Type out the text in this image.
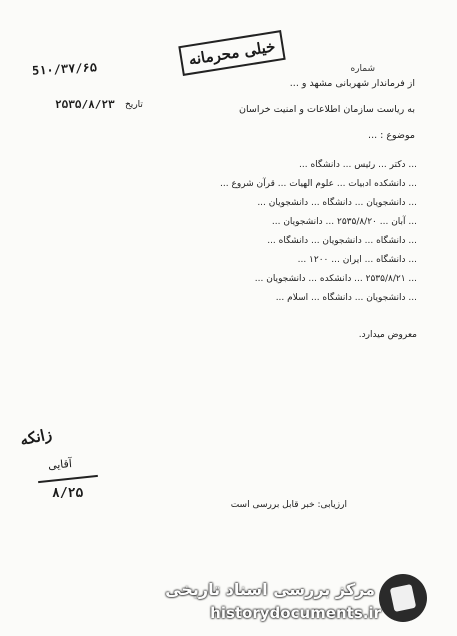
خیلی محرمانه
5۱۰/۳۷/۶۵	شماره
۲۵۳۵/۸/۲۳ تاریخ
از فرماندار شهربانی مشهد و ...
به ریاست سازمان اطلاعات و امنیت خراسان
موضوع : ...
... دکتر ... رئیس ... دانشگاه ...
... دانشکده ادبیات ... علوم الهیات ... قرآن شروع ...
... دانشجویان ... دانشگاه ... دانشجویان ...
... آبان ... ۲۵۳۵/۸/۲۰ ... دانشجویان ...
... دانشگاه ... دانشجویان ... دانشگاه ...
... دانشگاه ... ایران ... ۱۲۰۰ ...
... ۲۵۳۵/۸/۲۱ ... دانشکده ... دانشجویان ...
... دانشجویان ... دانشگاه ... اسلام ...
معروض میدارد.
زانکه
آقایی
۸/۲۵
ارزیابی: خبر قابل بررسی است
مرکز بررسی اسناد تاریخی
historydocuments.ir
